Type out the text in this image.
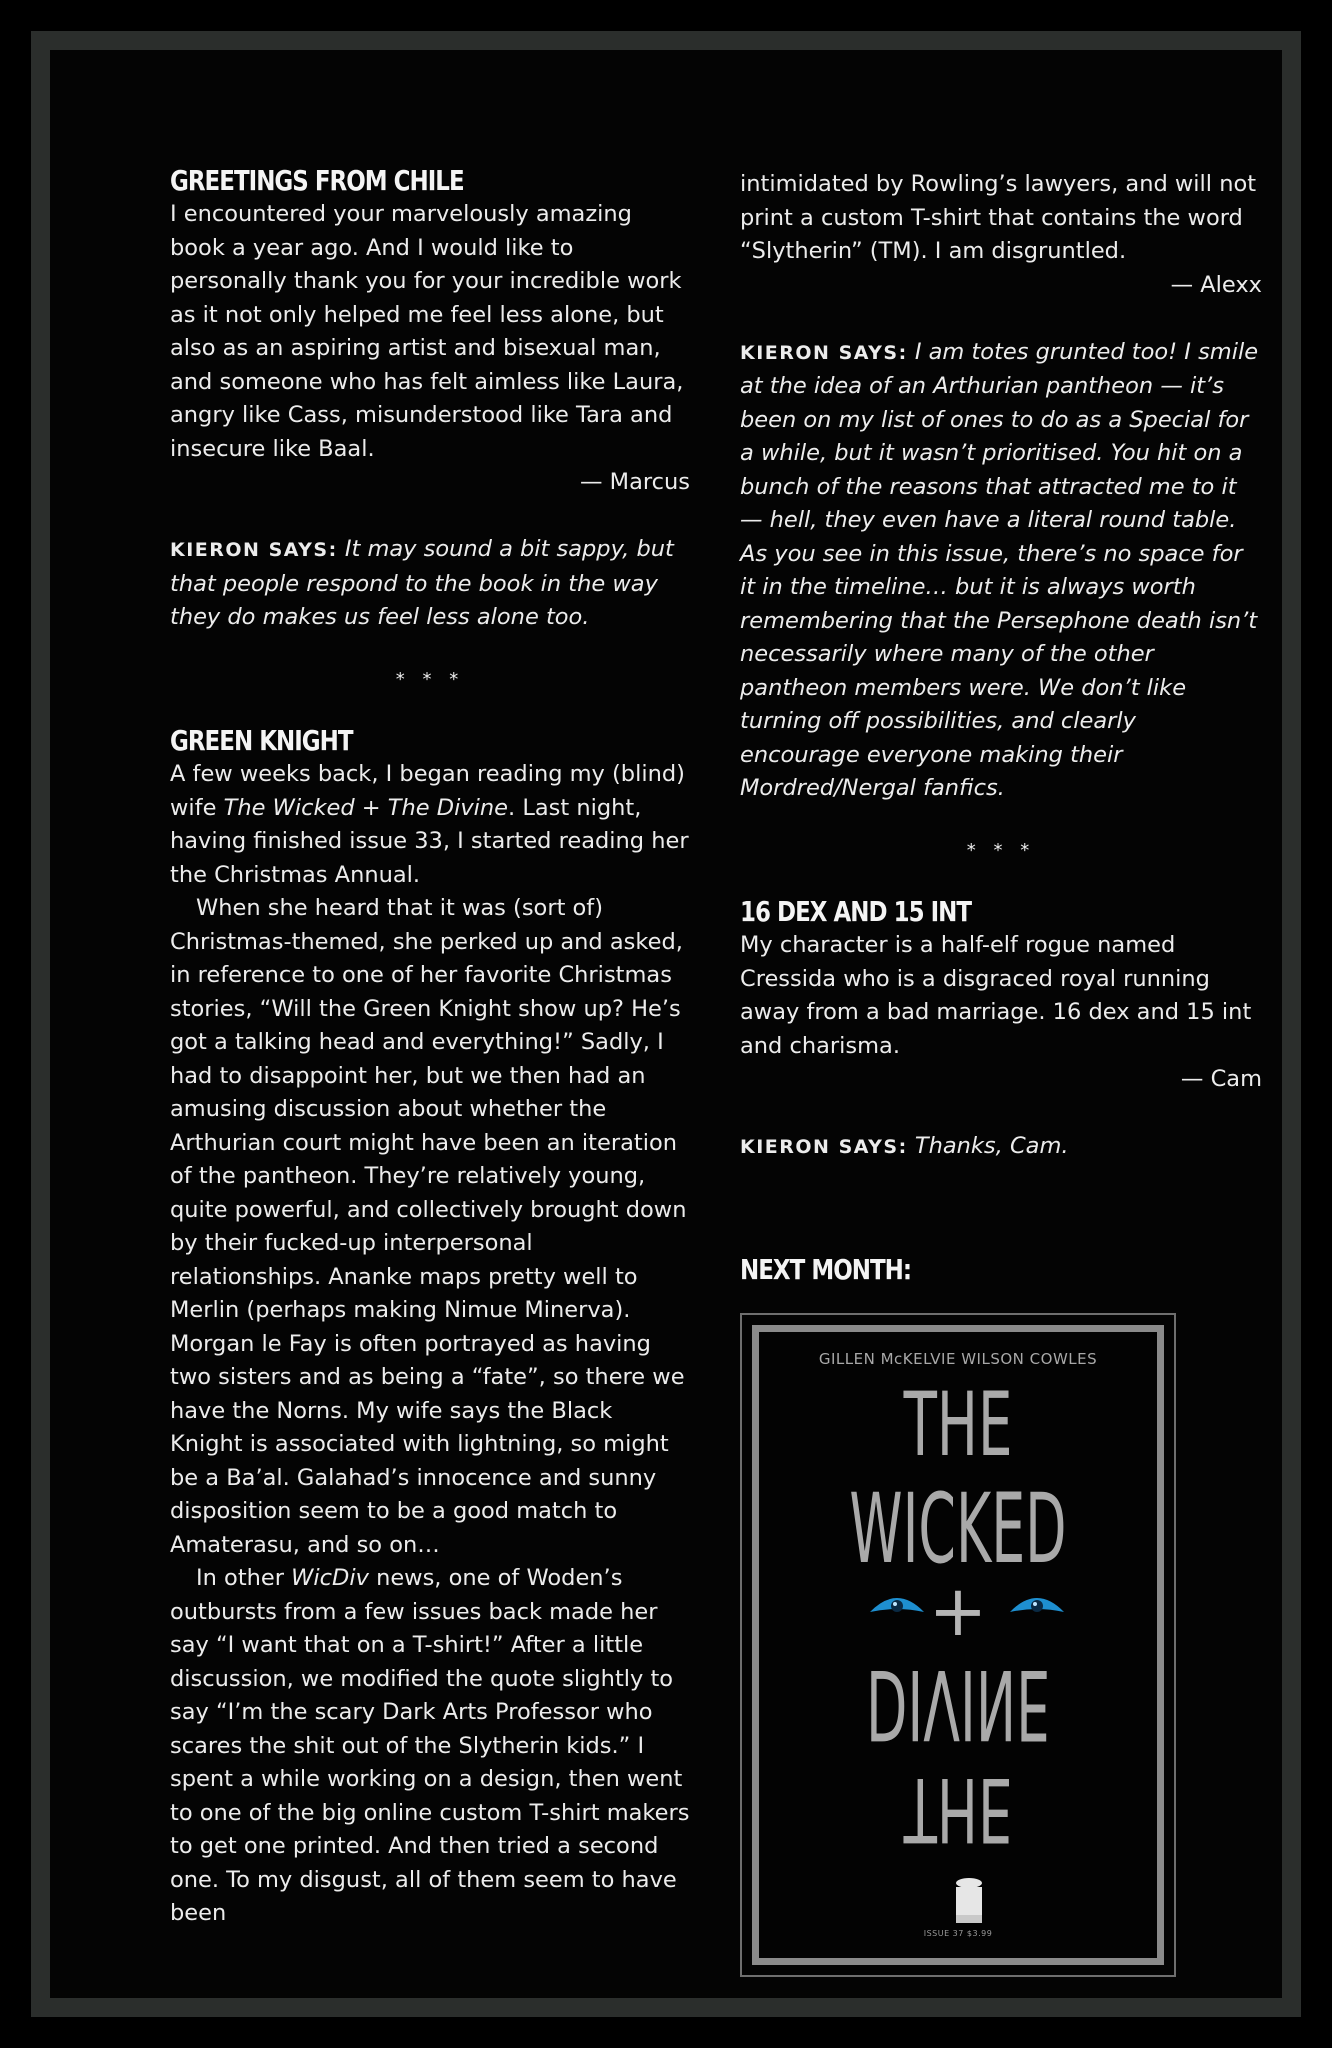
GREETINGS FROM CHILE

I encountered your marvelously amazing book a year ago. And I would like to personally thank you for your incredible work as it not only helped me feel less alone, but also as an aspiring artist and bisexual man, and someone who has felt aimless like Laura, angry like Cass, misunderstood like Tara and insecure like Baal.

— Marcus

KIERON SAYS: It may sound a bit sappy, but that people respond to the book in the way they do makes us feel less alone too.

* * *

GREEN KNIGHT

A few weeks back, I began reading my (blind) wife The Wicked + The Divine. Last night, having finished issue 33, I started reading her the Christmas Annual.

When she heard that it was (sort of) Christmas-themed, she perked up and asked, in reference to one of her favorite Christmas stories, “Will the Green Knight show up? He’s got a talking head and everything!” Sadly, I had to disappoint her, but we then had an amusing discussion about whether the Arthurian court might have been an iteration of the pantheon. They’re relatively young, quite powerful, and collectively brought down by their fucked-up interpersonal relationships. Ananke maps pretty well to Merlin (perhaps making Nimue Minerva). Morgan le Fay is often portrayed as having two sisters and as being a “fate”, so there we have the Norns. My wife says the Black Knight is associated with lightning, so might be a Ba’al. Galahad’s innocence and sunny disposition seem to be a good match to Amaterasu, and so on…

In other WicDiv news, one of Woden’s outbursts from a few issues back made her say “I want that on a T-shirt!” After a little discussion, we modified the quote slightly to say “I’m the scary Dark Arts Professor who scares the shit out of the Slytherin kids.” I spent a while working on a design, then went to one of the big online custom T-shirt makers to get one printed. And then tried a second one. To my disgust, all of them seem to have been

intimidated by Rowling’s lawyers, and will not print a custom T-shirt that contains the word “Slytherin” (TM). I am disgruntled.

— Alexx

KIERON SAYS: I am totes grunted too! I smile at the idea of an Arthurian pantheon — it’s been on my list of ones to do as a Special for a while, but it wasn’t prioritised. You hit on a bunch of the reasons that attracted me to it — hell, they even have a literal round table. As you see in this issue, there’s no space for it in the timeline… but it is always worth remembering that the Persephone death isn’t necessarily where many of the other pantheon members were. We don’t like turning off possibilities, and clearly encourage everyone making their Mordred/Nergal fanfics.

* * *

16 DEX AND 15 INT

My character is a half-elf rogue named Cressida who is a disgraced royal running away from a bad marriage. 16 dex and 15 int and charisma.

— Cam

KIERON SAYS: Thanks, Cam.

NEXT MONTH:
GILLEN McKELVIE WILSON COWLES
THE
WICKED
+
DIVINE
THE
ISSUE 37 $3.99
